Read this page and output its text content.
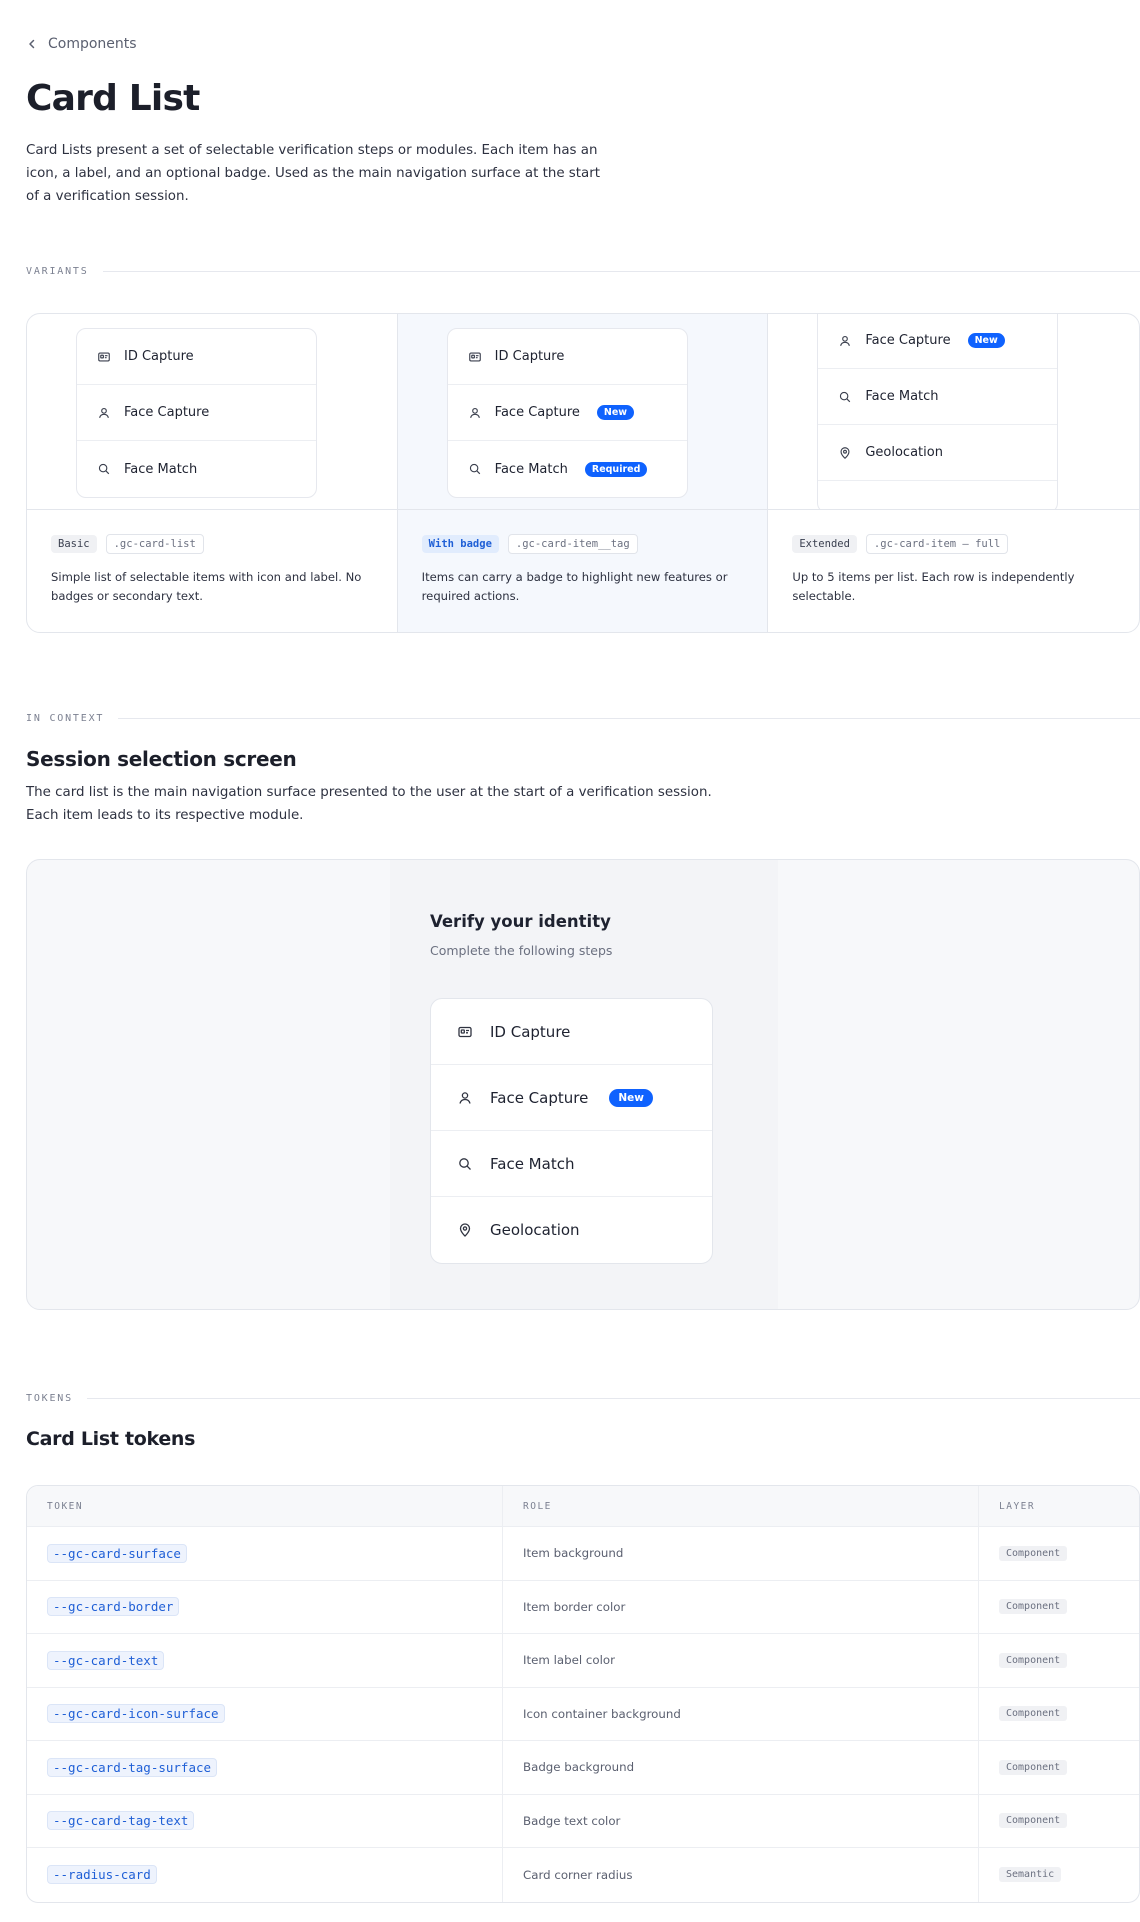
Components
Card List

Card Lists present a set of selectable verification steps or modules. Each item has an icon, a label, and an optional badge. Used as the main navigation surface at the start of a verification session.

VARIANTS
ID Capture
Face Capture
Face Match
Basic	.gc-card-list

Simple list of selectable items with icon and label. No badges or secondary text.

ID Capture
Face Capture	New
Face Match	Required
With badge	.gc-card-item__tag

Items can carry a badge to highlight new features or required actions.

Face Capture	New
Face Match
Geolocation
Extended	.gc-card-item — full

Up to 5 items per list. Each row is independently selectable.

IN CONTEXT
Session selection screen

The card list is the main navigation surface presented to the user at the start of a verification session. Each item leads to its respective module.

Verify your identity
Complete the following steps
ID Capture
Face Capture	New
Face Match
Geolocation
TOKENS
Card List tokens
TOKEN	ROLE	LAYER
--gc-card-surface	Item background	Component
--gc-card-border	Item border color	Component
--gc-card-text	Item label color	Component
--gc-card-icon-surface	Icon container background	Component
--gc-card-tag-surface	Badge background	Component
--gc-card-tag-text	Badge text color	Component
--radius-card	Card corner radius	Semantic
